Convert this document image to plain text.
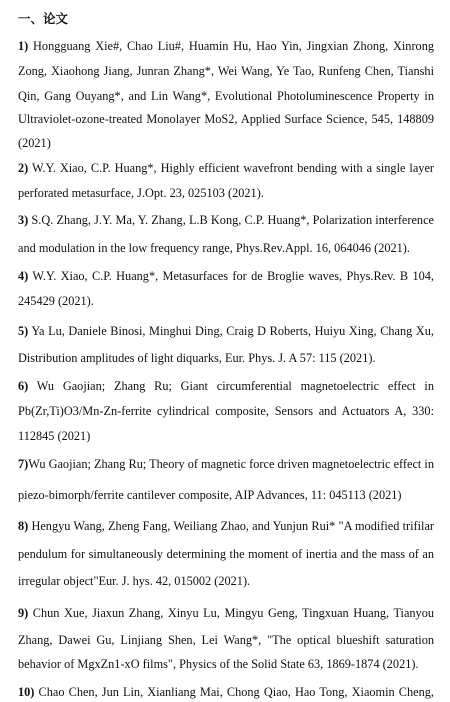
一、论文
1) Hongguang Xie#, Chao Liu#, Huamin Hu, Hao Yin, Jingxian Zhong, Xinrong
Zong, Xiaohong Jiang, Junran Zhang*, Wei Wang, Ye Tao, Runfeng Chen, Tianshi
Qin, Gang Ouyang*, and Lin Wang*, Evolutional Photoluminescence Property in
Ultraviolet-ozone-treated Monolayer MoS2, Applied Surface Science, 545, 148809
(2021)
2) W.Y. Xiao, C.P. Huang*, Highly efficient wavefront bending with a single layer
perforated metasurface, J.Opt. 23, 025103 (2021).
3) S.Q. Zhang, J.Y. Ma, Y. Zhang, L.B Kong, C.P. Huang*, Polarization interference
and modulation in the low frequency range, Phys.Rev.Appl. 16, 064046 (2021).
4) W.Y. Xiao, C.P. Huang*, Metasurfaces for de Broglie waves, Phys.Rev. B 104,
245429 (2021).
5) Ya Lu, Daniele Binosi, Minghui Ding, Craig D Roberts, Huiyu Xing, Chang Xu,
Distribution amplitudes of light diquarks, Eur. Phys. J. A 57: 115 (2021).
6) Wu Gaojian; Zhang Ru; Giant circumferential magnetoelectric effect in
Pb(Zr,Ti)O3/Mn-Zn-ferrite cylindrical composite, Sensors and Actuators A, 330:
112845 (2021)
7)Wu Gaojian; Zhang Ru; Theory of magnetic force driven magnetoelectric effect in
piezo-bimorph/ferrite cantilever composite, AIP Advances, 11: 045113 (2021)
8) Hengyu Wang, Zheng Fang, Weiliang Zhao, and Yunjun Rui* "A modified trifilar
pendulum for simultaneously determining the moment of inertia and the mass of an
irregular object"Eur. J. hys. 42, 015002 (2021).
9) Chun Xue, Jiaxun Zhang, Xinyu Lu, Mingyu Geng, Tingxuan Huang, Tianyou
Zhang, Dawei Gu, Linjiang Shen, Lei Wang*, "The optical blueshift saturation
behavior of MgxZn1-xO films", Physics of the Solid State 63, 1869-1874 (2021).
10) Chao Chen, Jun Lin, Xianliang Mai, Chong Qiao, Hao Tong, Xiaomin Cheng,
